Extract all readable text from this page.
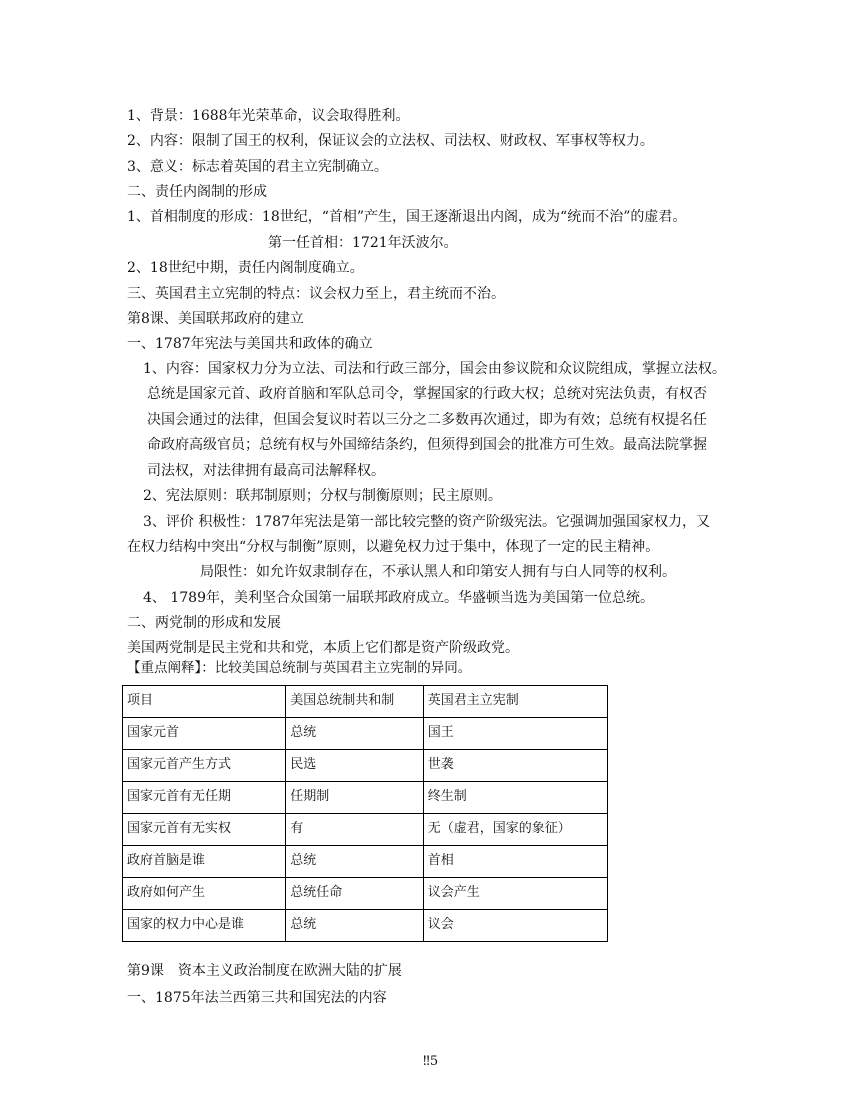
1、背景：1688年光荣革命，议会取得胜利。
2、内容：限制了国王的权利，保证议会的立法权、司法权、财政权、军事权等权力。
3、意义：标志着英国的君主立宪制确立。
二、责任内阁制的形成
1、首相制度的形成：18世纪，“首相”产生，国王逐渐退出内阁，成为“统而不治”的虚君。
第一任首相：1721年沃波尔。
2、18世纪中期，责任内阁制度确立。
三、英国君主立宪制的特点：议会权力至上，君主统而不治。
第8课、美国联邦政府的建立
一、1787年宪法与美国共和政体的确立
1、内容：国家权力分为立法、司法和行政三部分，国会由参议院和众议院组成，掌握立法权。
总统是国家元首、政府首脑和军队总司令，掌握国家的行政大权；总统对宪法负责，有权否
决国会通过的法律，但国会复议时若以三分之二多数再次通过，即为有效；总统有权提名任
命政府高级官员；总统有权与外国缔结条约，但须得到国会的批准方可生效。最高法院掌握
司法权，对法律拥有最高司法解释权。
2、宪法原则：联邦制原则；分权与制衡原则；民主原则。
3、评价 积极性：1787年宪法是第一部比较完整的资产阶级宪法。它强调加强国家权力，又
在权力结构中突出“分权与制衡”原则，以避免权力过于集中，体现了一定的民主精神。
局限性：如允许奴隶制存在，不承认黑人和印第安人拥有与白人同等的权利。
4、 1789年，美利坚合众国第一届联邦政府成立。华盛顿当选为美国第一位总统。
二、两党制的形成和发展
美国两党制是民主党和共和党，本质上它们都是资产阶级政党。
【重点阐释】：比较美国总统制与英国君主立宪制的异同。
项目	美国总统制共和制	英国君主立宪制
国家元首	总统	国王
国家元首产生方式	民选	世袭
国家元首有无任期	任期制	终生制
国家元首有无实权	有	无（虚君，国家的象征）
政府首脑是谁	总统	首相
政府如何产生	总统任命	议会产生
国家的权力中心是谁	总统	议会
第9课　资本主义政治制度在欧洲大陆的扩展
一、1875年法兰西第三共和国宪法的内容
‼5
